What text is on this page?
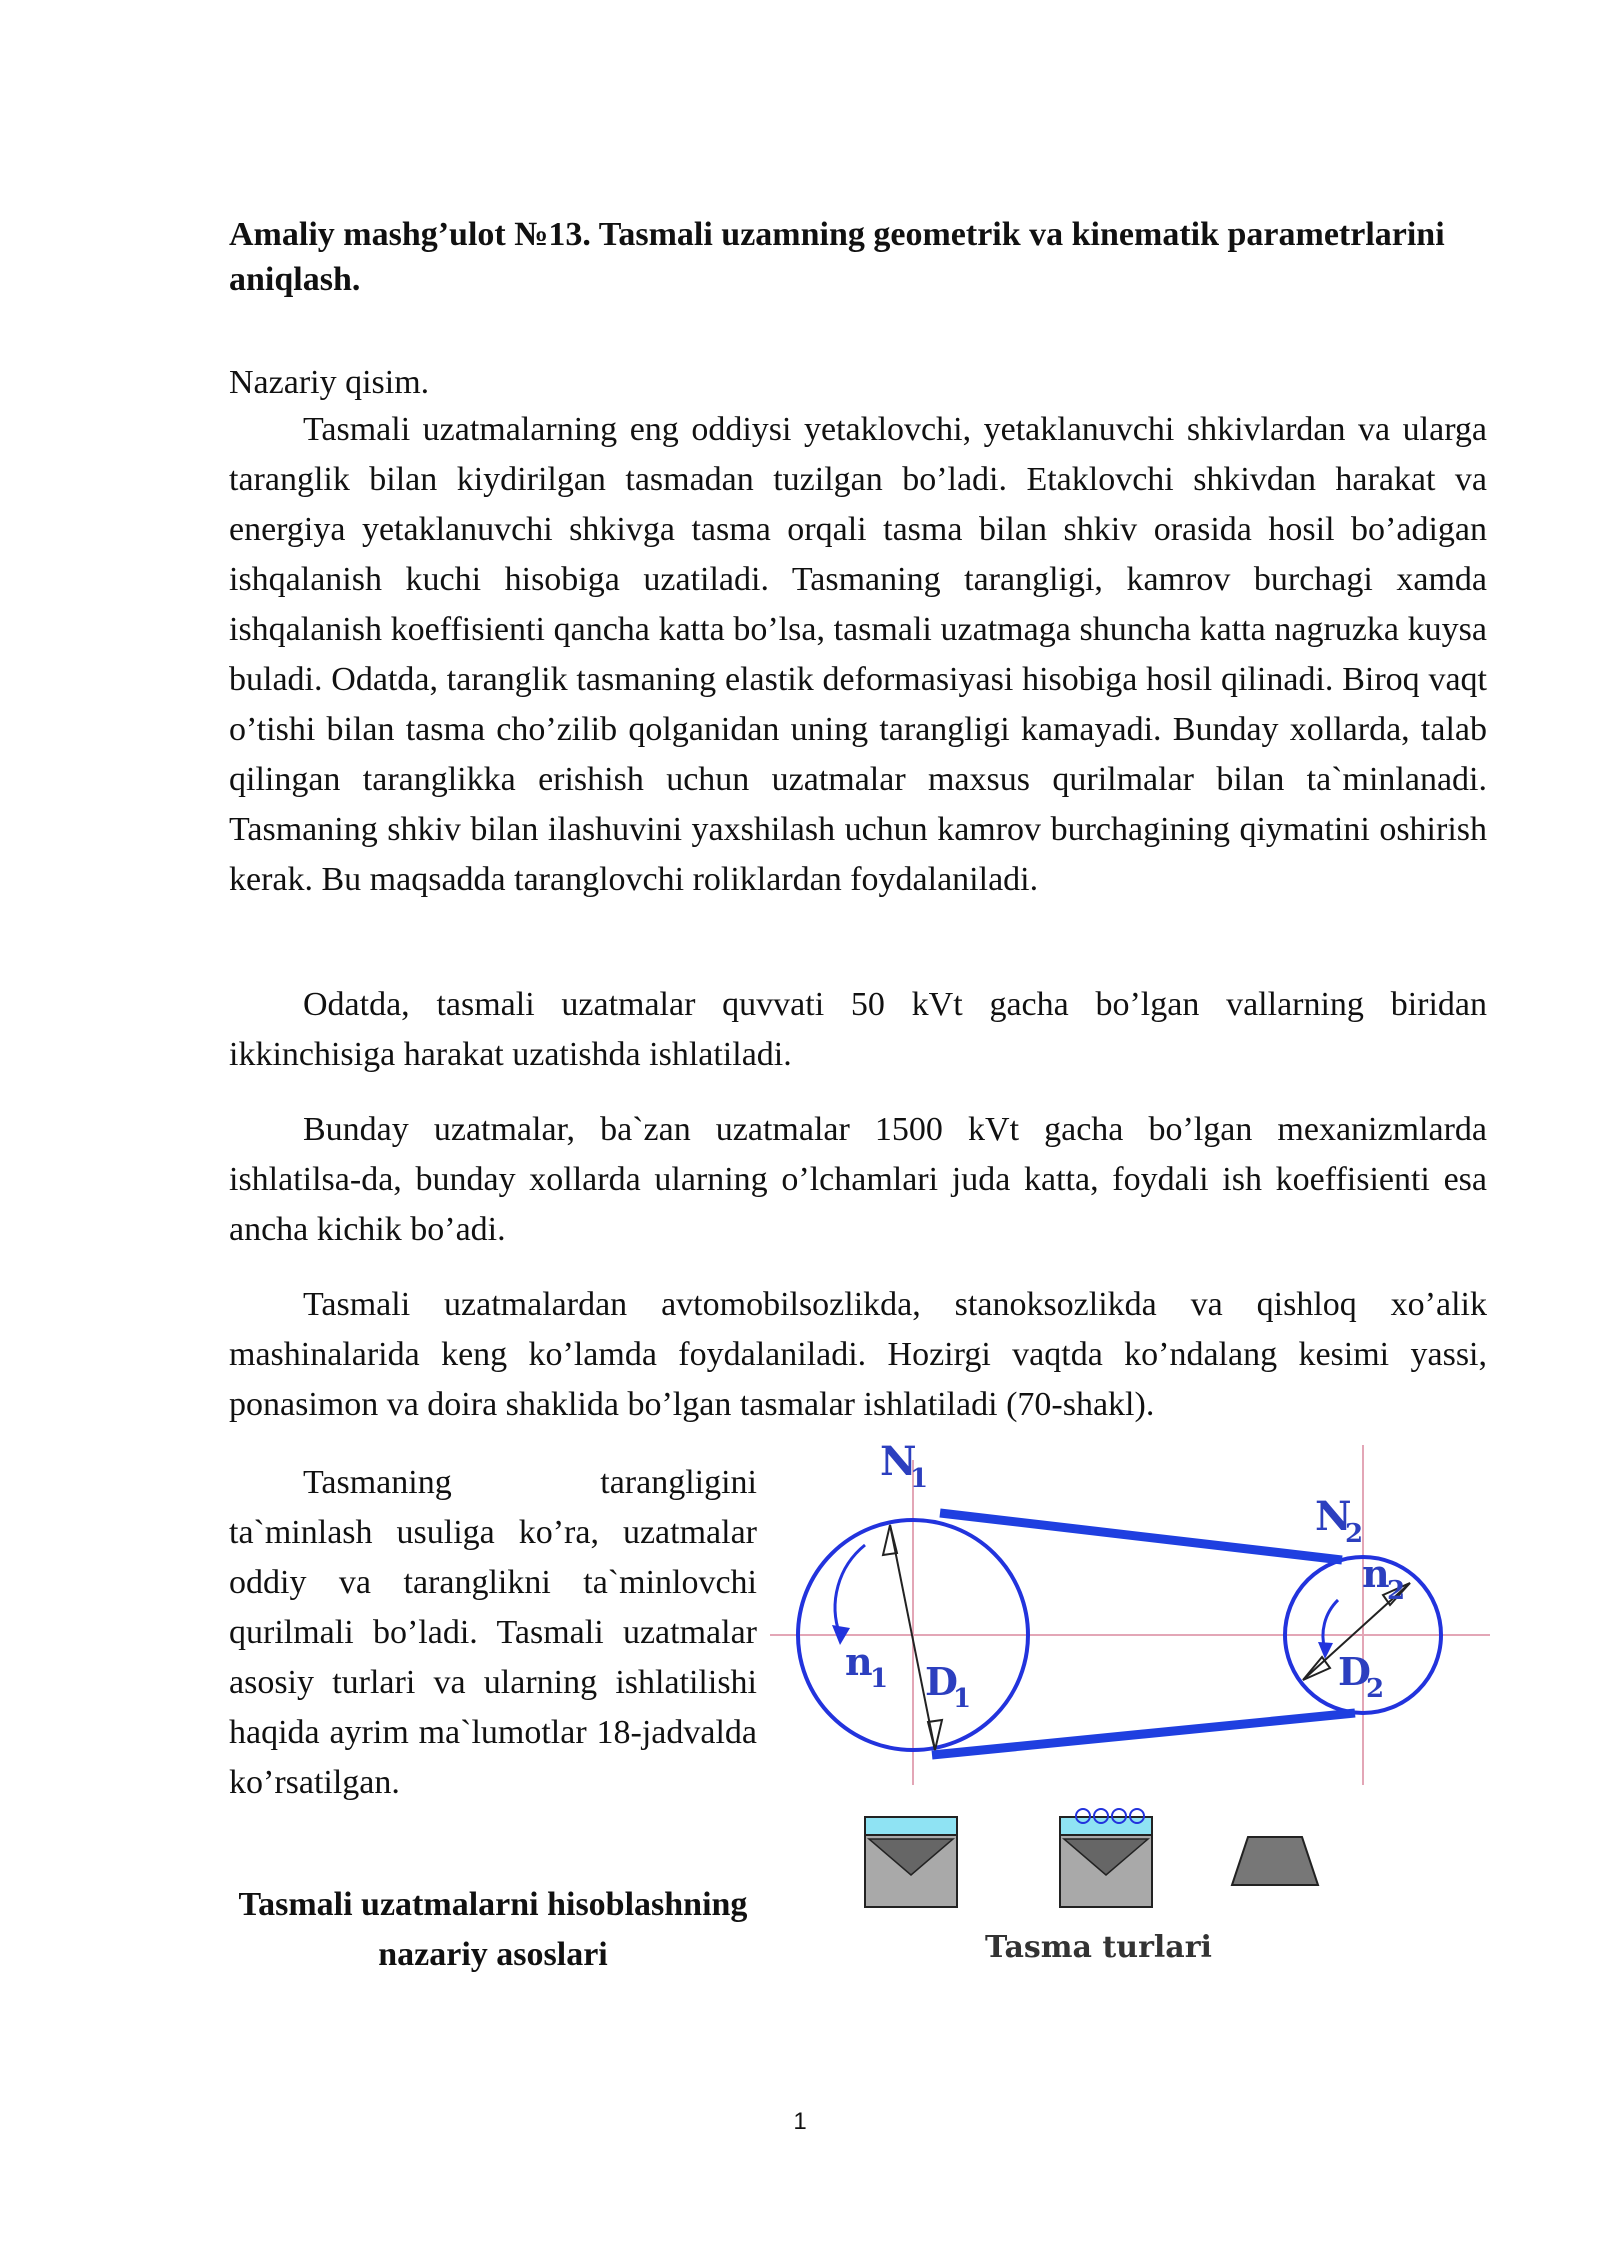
Amaliy mashg’ulot №13. Tasmali uzamning geometrik va kinematik parametrlarini aniqlash.

Nazariy qisim.

Tasmali uzatmalarning eng oddiysi yetaklovchi, yetaklanuvchi shkivlardan va ularga taranglik bilan kiydirilgan tasmadan tuzilgan bo’ladi. Etaklovchi shkivdan harakat va energiya yetaklanuvchi shkivga tasma orqali tasma bilan shkiv orasida hosil bo’adigan ishqalanish kuchi hisobiga uzatiladi. Tasmaning tarangligi, kamrov burchagi xamda ishqalanish koeffisienti qancha katta bo’lsa, tasmali uzatmaga shuncha katta nagruzka kuysa buladi. Odatda, taranglik tasmaning elastik deformasiyasi hisobiga hosil qilinadi. Biroq vaqt o’tishi bilan tasma cho’zilib qolganidan uning tarangligi kamayadi. Bunday xollarda, talab qilingan taranglikka erishish uchun uzatmalar maxsus qurilmalar bilan ta`minlanadi. Tasmaning shkiv bilan ilashuvini yaxshilash uchun kamrov burchagining qiymatini oshirish kerak. Bu maqsadda taranglovchi roliklardan foydalaniladi.

Odatda, tasmali uzatmalar quvvati 50 kVt gacha bo’lgan vallarning biridan ikkinchisiga harakat uzatishda ishlatiladi.

Bunday uzatmalar, ba`zan uzatmalar 1500 kVt gacha bo’lgan mexanizmlarda ishlatilsa-da, bunday xollarda ularning o’lchamlari juda katta, foydali ish koeffisienti esa ancha kichik bo’adi.

Tasmali uzatmalardan avtomobilsozlikda, stanoksozlikda va qishloq xo’alik mashinalarida keng ko’lamda foydalaniladi. Hozirgi vaqtda ko’ndalang kesimi yassi, ponasimon va doira shaklida bo’lgan tasmalar ishlatiladi (70-shakl).

Tasmaning tarangligini ta`minlash usuliga ko’ra, uzatmalar oddiy va taranglikni ta`minlovchi qurilmali bo’ladi. Tasmali uzatmalar asosiy turlari va ularning ishlatilishi haqida ayrim ma`lumotlar 18-jadvalda ko’rsatilgan.

Tasmali uzatmalarni hisoblashning nazariy asoslari

N
1
N
2
n
1
n
2
D
1
D
2
Tasma turlari

1
